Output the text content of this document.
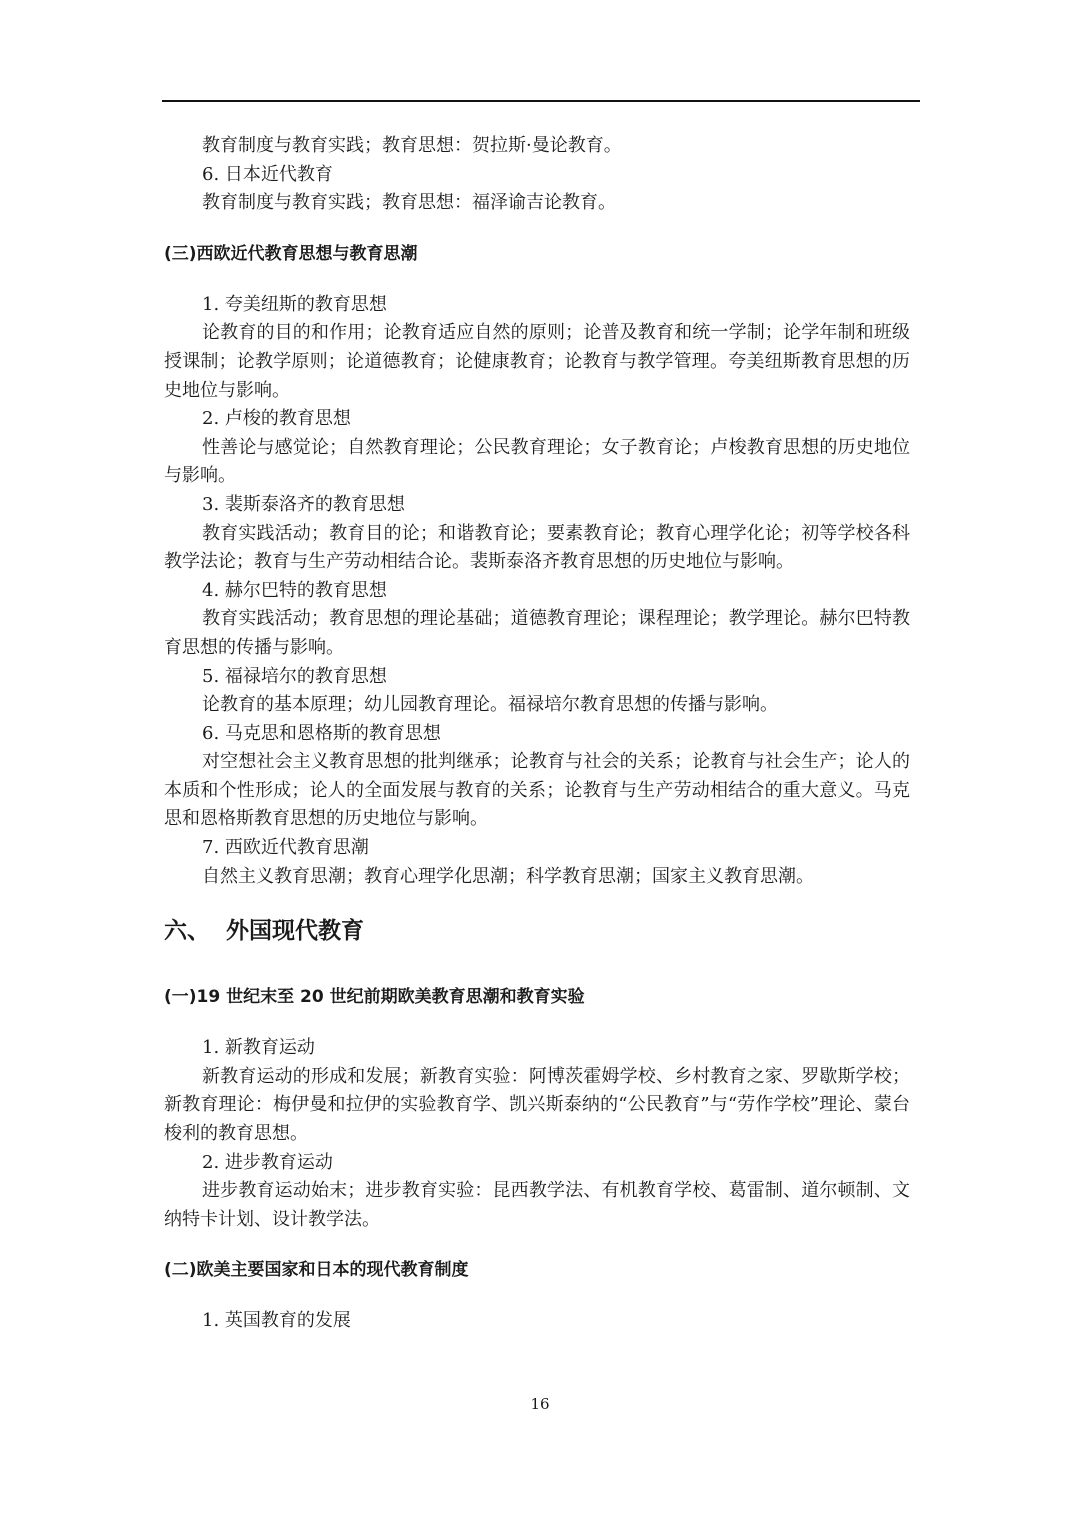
教育制度与教育实践；教育思想：贺拉斯·曼论教育。

6. 日本近代教育

教育制度与教育实践；教育思想：福泽谕吉论教育。

(三)西欧近代教育思想与教育思潮

1. 夸美纽斯的教育思想

论教育的目的和作用；论教育适应自然的原则；论普及教育和统一学制；论学年制和班级授课制；论教学原则；论道德教育；论健康教育；论教育与教学管理。夸美纽斯教育思想的历史地位与影响。

2. 卢梭的教育思想

性善论与感觉论；自然教育理论；公民教育理论；女子教育论；卢梭教育思想的历史地位与影响。

3. 裴斯泰洛齐的教育思想

教育实践活动；教育目的论；和谐教育论；要素教育论；教育心理学化论；初等学校各科教学法论；教育与生产劳动相结合论。裴斯泰洛齐教育思想的历史地位与影响。

4. 赫尔巴特的教育思想

教育实践活动；教育思想的理论基础；道德教育理论；课程理论；教学理论。赫尔巴特教育思想的传播与影响。

5. 福禄培尔的教育思想

论教育的基本原理；幼儿园教育理论。福禄培尔教育思想的传播与影响。

6. 马克思和恩格斯的教育思想

对空想社会主义教育思想的批判继承；论教育与社会的关系；论教育与社会生产；论人的本质和个性形成；论人的全面发展与教育的关系；论教育与生产劳动相结合的重大意义。马克思和恩格斯教育思想的历史地位与影响。

7. 西欧近代教育思潮

自然主义教育思潮；教育心理学化思潮；科学教育思潮；国家主义教育思潮。

六、 外国现代教育
(一)19 世纪末至 20 世纪前期欧美教育思潮和教育实验

1. 新教育运动

新教育运动的形成和发展；新教育实验：阿博茨霍姆学校、乡村教育之家、罗歇斯学校；新教育理论：梅伊曼和拉伊的实验教育学、凯兴斯泰纳的“公民教育”与“劳作学校”理论、蒙台梭利的教育思想。

2. 进步教育运动

进步教育运动始末；进步教育实验：昆西教学法、有机教育学校、葛雷制、道尔顿制、文纳特卡计划、设计教学法。

(二)欧美主要国家和日本的现代教育制度

1. 英国教育的发展

16
